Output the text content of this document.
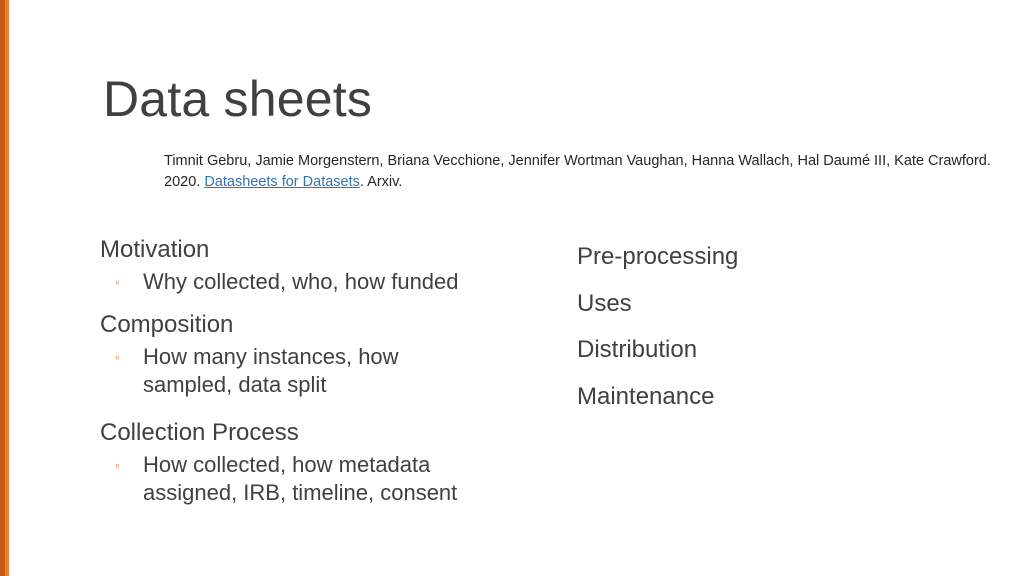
Data sheets
Timnit Gebru, Jamie Morgenstern, Briana Vecchione, Jennifer Wortman Vaughan, Hanna Wallach, Hal Daumé III, Kate Crawford. 2020. Datasheets for Datasets. Arxiv.
Motivation
◦ Why collected, who, how funded
Composition
◦ How many instances, how sampled, data split
Collection Process
◦ How collected, how metadata assigned, IRB, timeline, consent
Pre-processing
Uses
Distribution
Maintenance
